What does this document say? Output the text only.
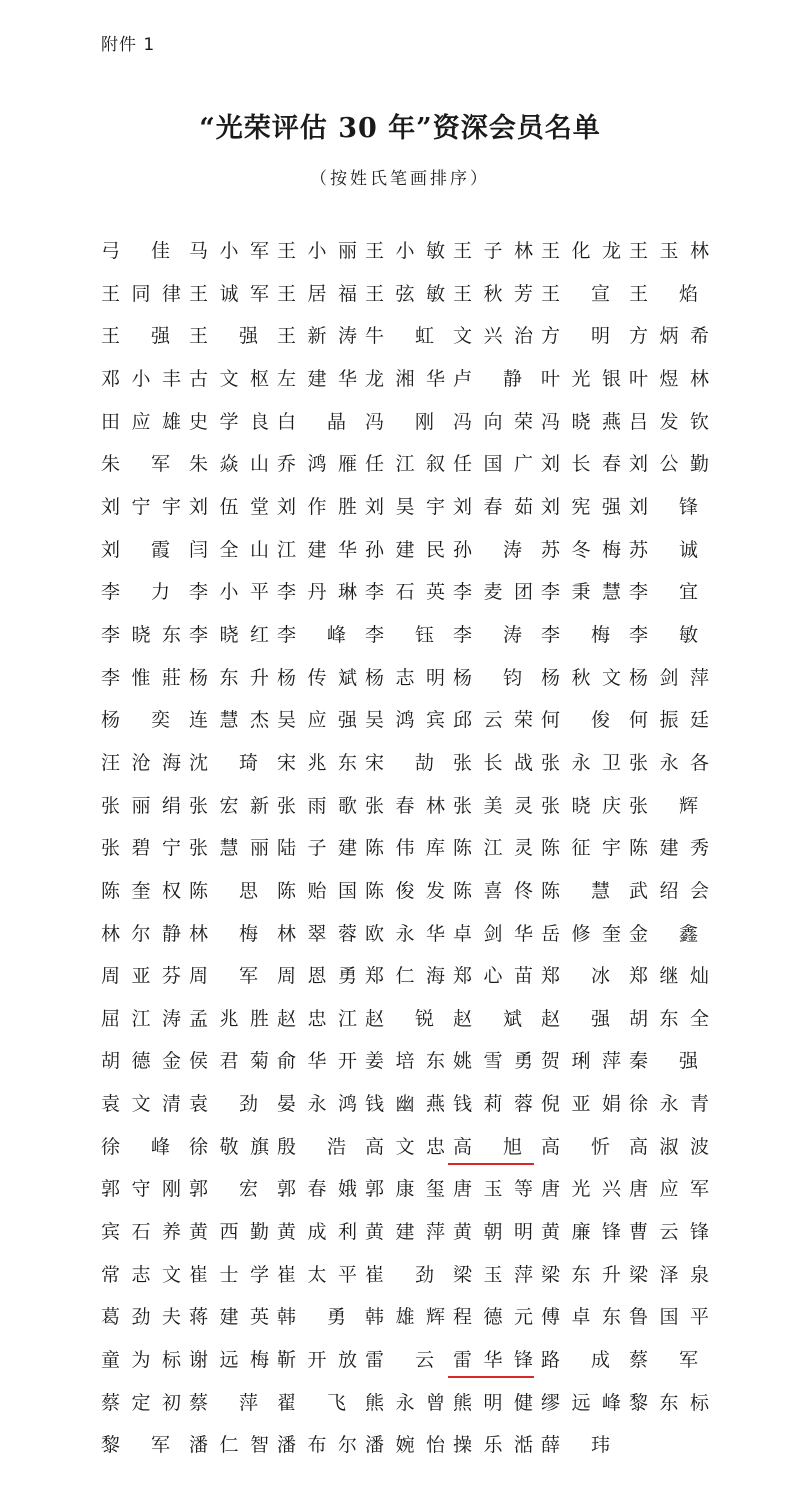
附件 1
“光荣评估 30 年”资深会员名单
（按姓氏笔画排序）
弓 佳	马小军 王小丽 王小敏 王子林 王化龙 王玉林
王同律 王诚军 王居福 王弦敏 王秋芳 王 宣	王 焰
王 强	王 强	王新涛 牛 虹	文兴治 方 明	方炳希
邓小丰 古文枢 左建华 龙湘华 卢 静	叶光银 叶煜林
田应雄 史学良 白 晶	冯 刚	冯向荣 冯晓燕 吕发钦
朱 军	朱焱山 乔鸿雁 任江叙 任国广 刘长春 刘公勤
刘宁宇 刘伍堂 刘作胜 刘昊宇 刘春茹 刘宪强 刘 锋
刘 霞	闫全山 江建华 孙建民 孙 涛	苏冬梅 苏 诚
李 力	李小平 李丹琳 李石英 李麦团 李秉慧 李 宜
李晓东 李晓红 李 峰	李 钰	李 涛	李 梅	李 敏
李惟莊 杨东升 杨传斌 杨志明 杨 钧	杨秋文 杨剑萍
杨 奕	连慧杰 吴应强 吴鸿宾 邱云荣 何 俊	何振廷
汪沧海 沈 琦	宋兆东 宋 劼	张长战 张永卫 张永各
张丽绢 张宏新 张雨歌 张春林 张美灵 张晓庆 张 辉
张碧宁 张慧丽 陆子建 陈伟库 陈江灵 陈征宇 陈建秀
陈奎权 陈 思	陈贻国 陈俊发 陈喜佟 陈 慧	武绍会
林尔静 林 梅	林翠蓉 欧永华 卓剑华 岳修奎 金 鑫
周亚芬 周 军	周恩勇 郑仁海 郑心苗 郑 冰	郑继灿
屈江涛 孟兆胜 赵忠江 赵 锐	赵 斌	赵 强	胡东全
胡德金 侯君菊 俞华开 姜培东 姚雪勇 贺琍萍 秦 强
袁文清 袁 劲	晏永鸿 钱幽燕 钱莉蓉 倪亚娟 徐永青
徐 峰	徐敬旗 殷 浩	高文忠 高 旭	高 忻	高淑波
郭守刚 郭 宏	郭春娥 郭康玺 唐玉等 唐光兴 唐应军
宾石养 黄西勤 黄成利 黄建萍 黄朝明 黄廉锋 曹云锋
常志文 崔士学 崔太平 崔 劲	梁玉萍 梁东升 梁泽泉
葛劲夫 蒋建英 韩 勇	韩雄辉 程德元 傅卓东 鲁国平
童为标 谢远梅 靳开放 雷 云	雷华锋 路 成	蔡 军
蔡定初 蔡 萍	翟 飞	熊永曾 熊明健 缪远峰 黎东标
黎 军	潘仁智 潘布尔 潘婉怡 操乐湉 薛 玮
